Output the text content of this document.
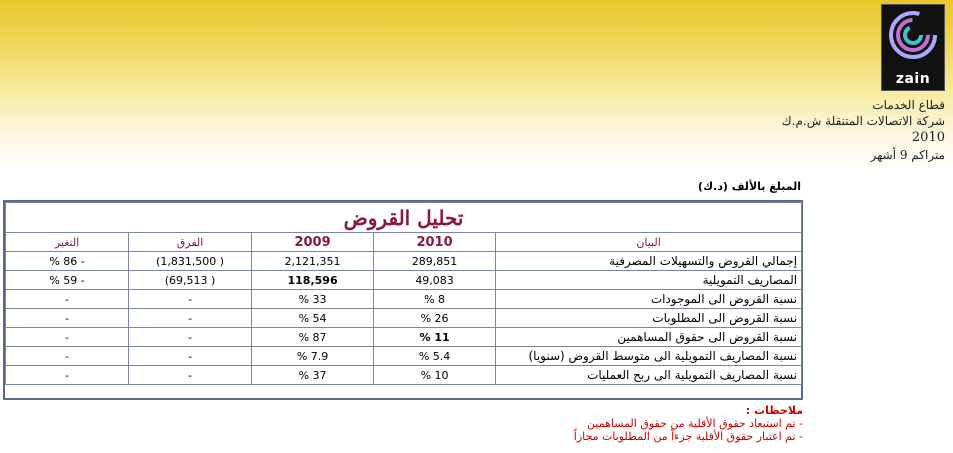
zain
قطاع الخدمات
شركة الاتصالات المتنقلة ش.م.ك
2010
متراكم 9 أشهر
المبلغ بالألف (د.ك)
تحليل القروض				
البيان	2010	2009	الفرق	التغير
إجمالي القروض والتسهيلات المصرفية	289,851	2,121,351	(1,831,500 )	% 86 -
المصاريف التمويلية	49,083	118,596	(69,513 )	% 59 -
نسبة القروض الى الموجودات	% 8	% 33	-	-
نسبة القروض الى المطلوبات	% 26	% 54	-	-
نسبة القروض الى حقوق المساهمين	% 11	% 87	-	-
نسبة المصاريف التمويلية الى متوسط القروض (سنويا)	% 5.4	% 7.9	-	-
نسبة المصاريف التمويلية الى ربح العمليات	% 10	% 37	-	-
ملاحظات :
- تم استبعاد حقوق الأقلية من حقوق المساهمين
- تم اعتبار حقوق الأقلية جزءاً من المطلوبات مجازاً
